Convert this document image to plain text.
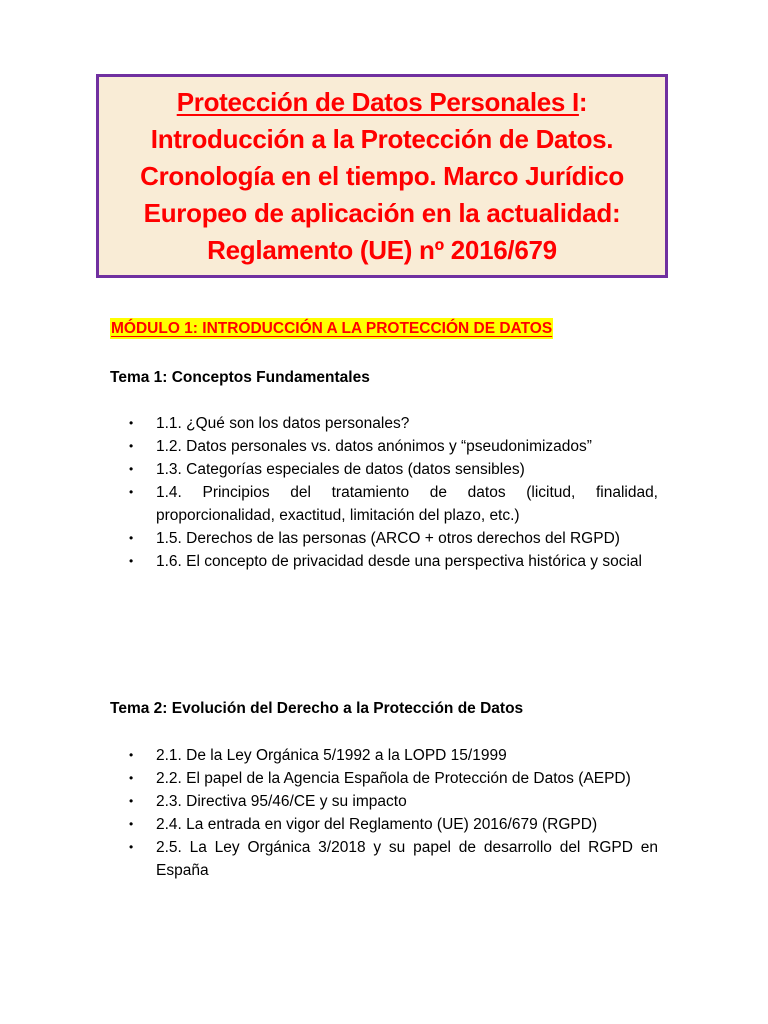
Protección de Datos Personales I:
Introducción a la Protección de Datos.
Cronología en el tiempo. Marco Jurídico
Europeo de aplicación en la actualidad:
Reglamento (UE) nº 2016/679
MÓDULO 1: INTRODUCCIÓN A LA PROTECCIÓN DE DATOS
Tema 1: Conceptos Fundamentales
• 1.1. ¿Qué son los datos personales?
• 1.2. Datos personales vs. datos anónimos y “pseudonimizados”
• 1.3. Categorías especiales de datos (datos sensibles)
• 1.4. Principios del tratamiento de datos (licitud, finalidad, proporcionalidad, exactitud, limitación del plazo, etc.)
• 1.5. Derechos de las personas (ARCO + otros derechos del RGPD)
• 1.6. El concepto de privacidad desde una perspectiva histórica y social
Tema 2: Evolución del Derecho a la Protección de Datos
• 2.1. De la Ley Orgánica 5/1992 a la LOPD 15/1999
• 2.2. El papel de la Agencia Española de Protección de Datos (AEPD)
• 2.3. Directiva 95/46/CE y su impacto
• 2.4. La entrada en vigor del Reglamento (UE) 2016/679 (RGPD)
• 2.5. La Ley Orgánica 3/2018 y su papel de desarrollo del RGPD en España
